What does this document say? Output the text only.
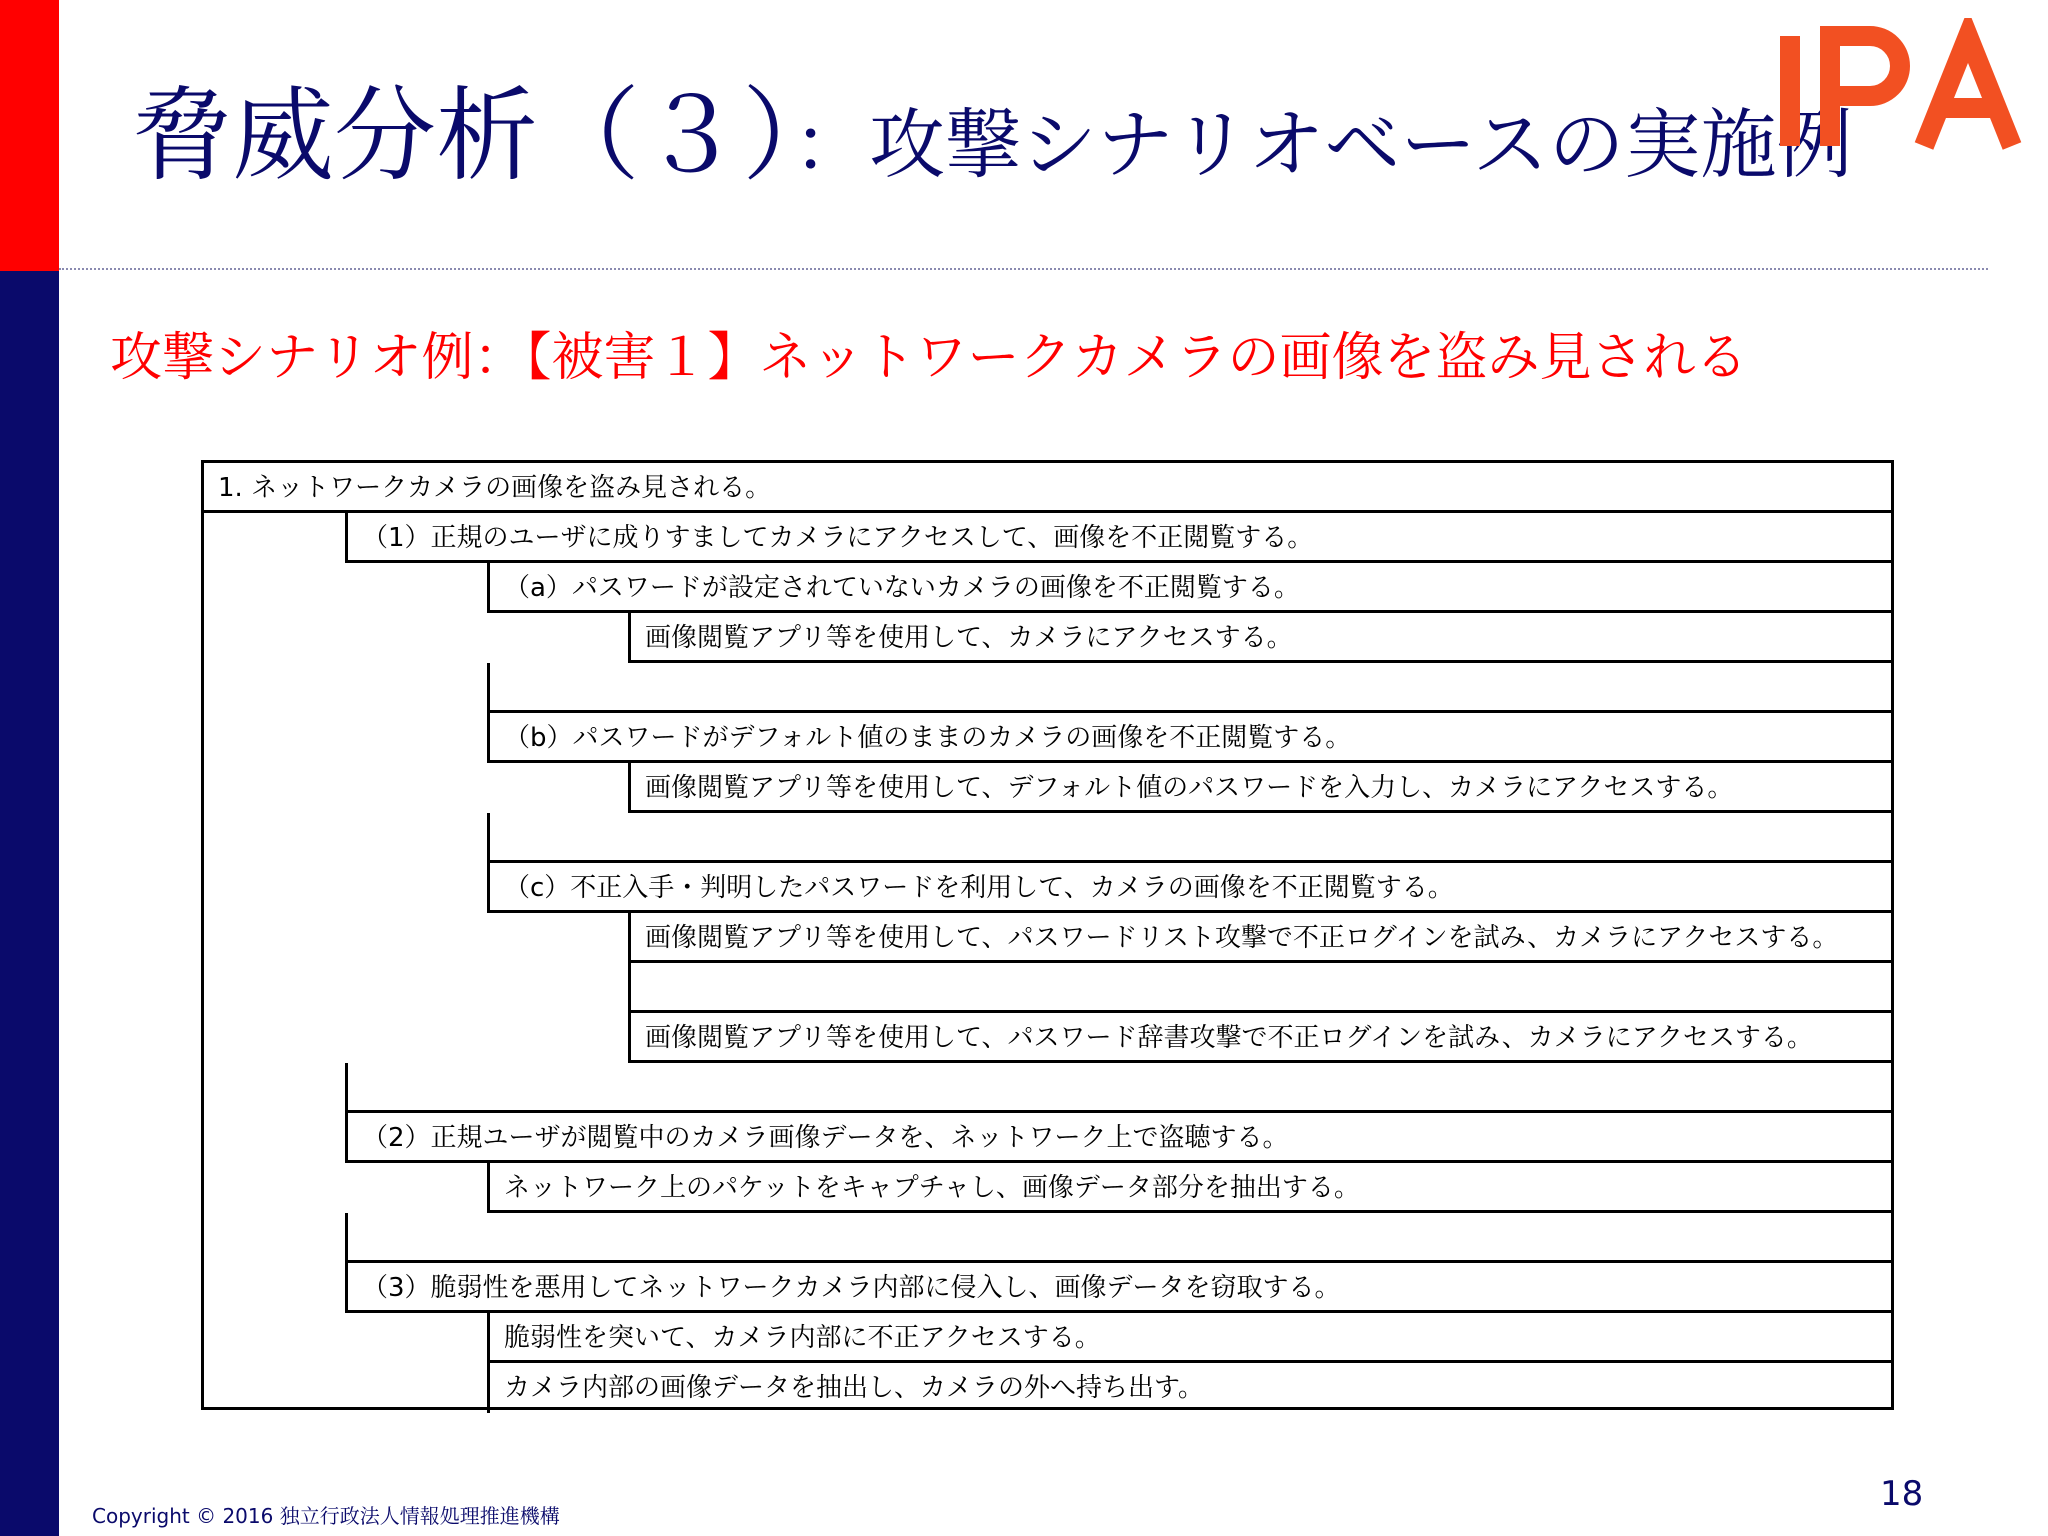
脅威分析（３）：攻撃シナリオベースの実施例
攻撃シナリオ例：【被害１】ネットワークカメラの画像を盗み見される
1. ネットワークカメラの画像を盗み見される。
（1）正規のユーザに成りすましてカメラにアクセスして、画像を不正閲覧する。
（a）パスワードが設定されていないカメラの画像を不正閲覧する。
画像閲覧アプリ等を使用して、カメラにアクセスする。
（b）パスワードがデフォルト値のままのカメラの画像を不正閲覧する。
画像閲覧アプリ等を使用して、デフォルト値のパスワードを入力し、カメラにアクセスする。
（c）不正入手・判明したパスワードを利用して、カメラの画像を不正閲覧する。
画像閲覧アプリ等を使用して、パスワードリスト攻撃で不正ログインを試み、カメラにアクセスする。
画像閲覧アプリ等を使用して、パスワード辞書攻撃で不正ログインを試み、カメラにアクセスする。
（2）正規ユーザが閲覧中のカメラ画像データを、ネットワーク上で盗聴する。
ネットワーク上のパケットをキャプチャし、画像データ部分を抽出する。
（3）脆弱性を悪用してネットワークカメラ内部に侵入し、画像データを窃取する。
脆弱性を突いて、カメラ内部に不正アクセスする。
カメラ内部の画像データを抽出し、カメラの外へ持ち出す。
Copyright © 2016 独立行政法人情報処理推進機構
18
